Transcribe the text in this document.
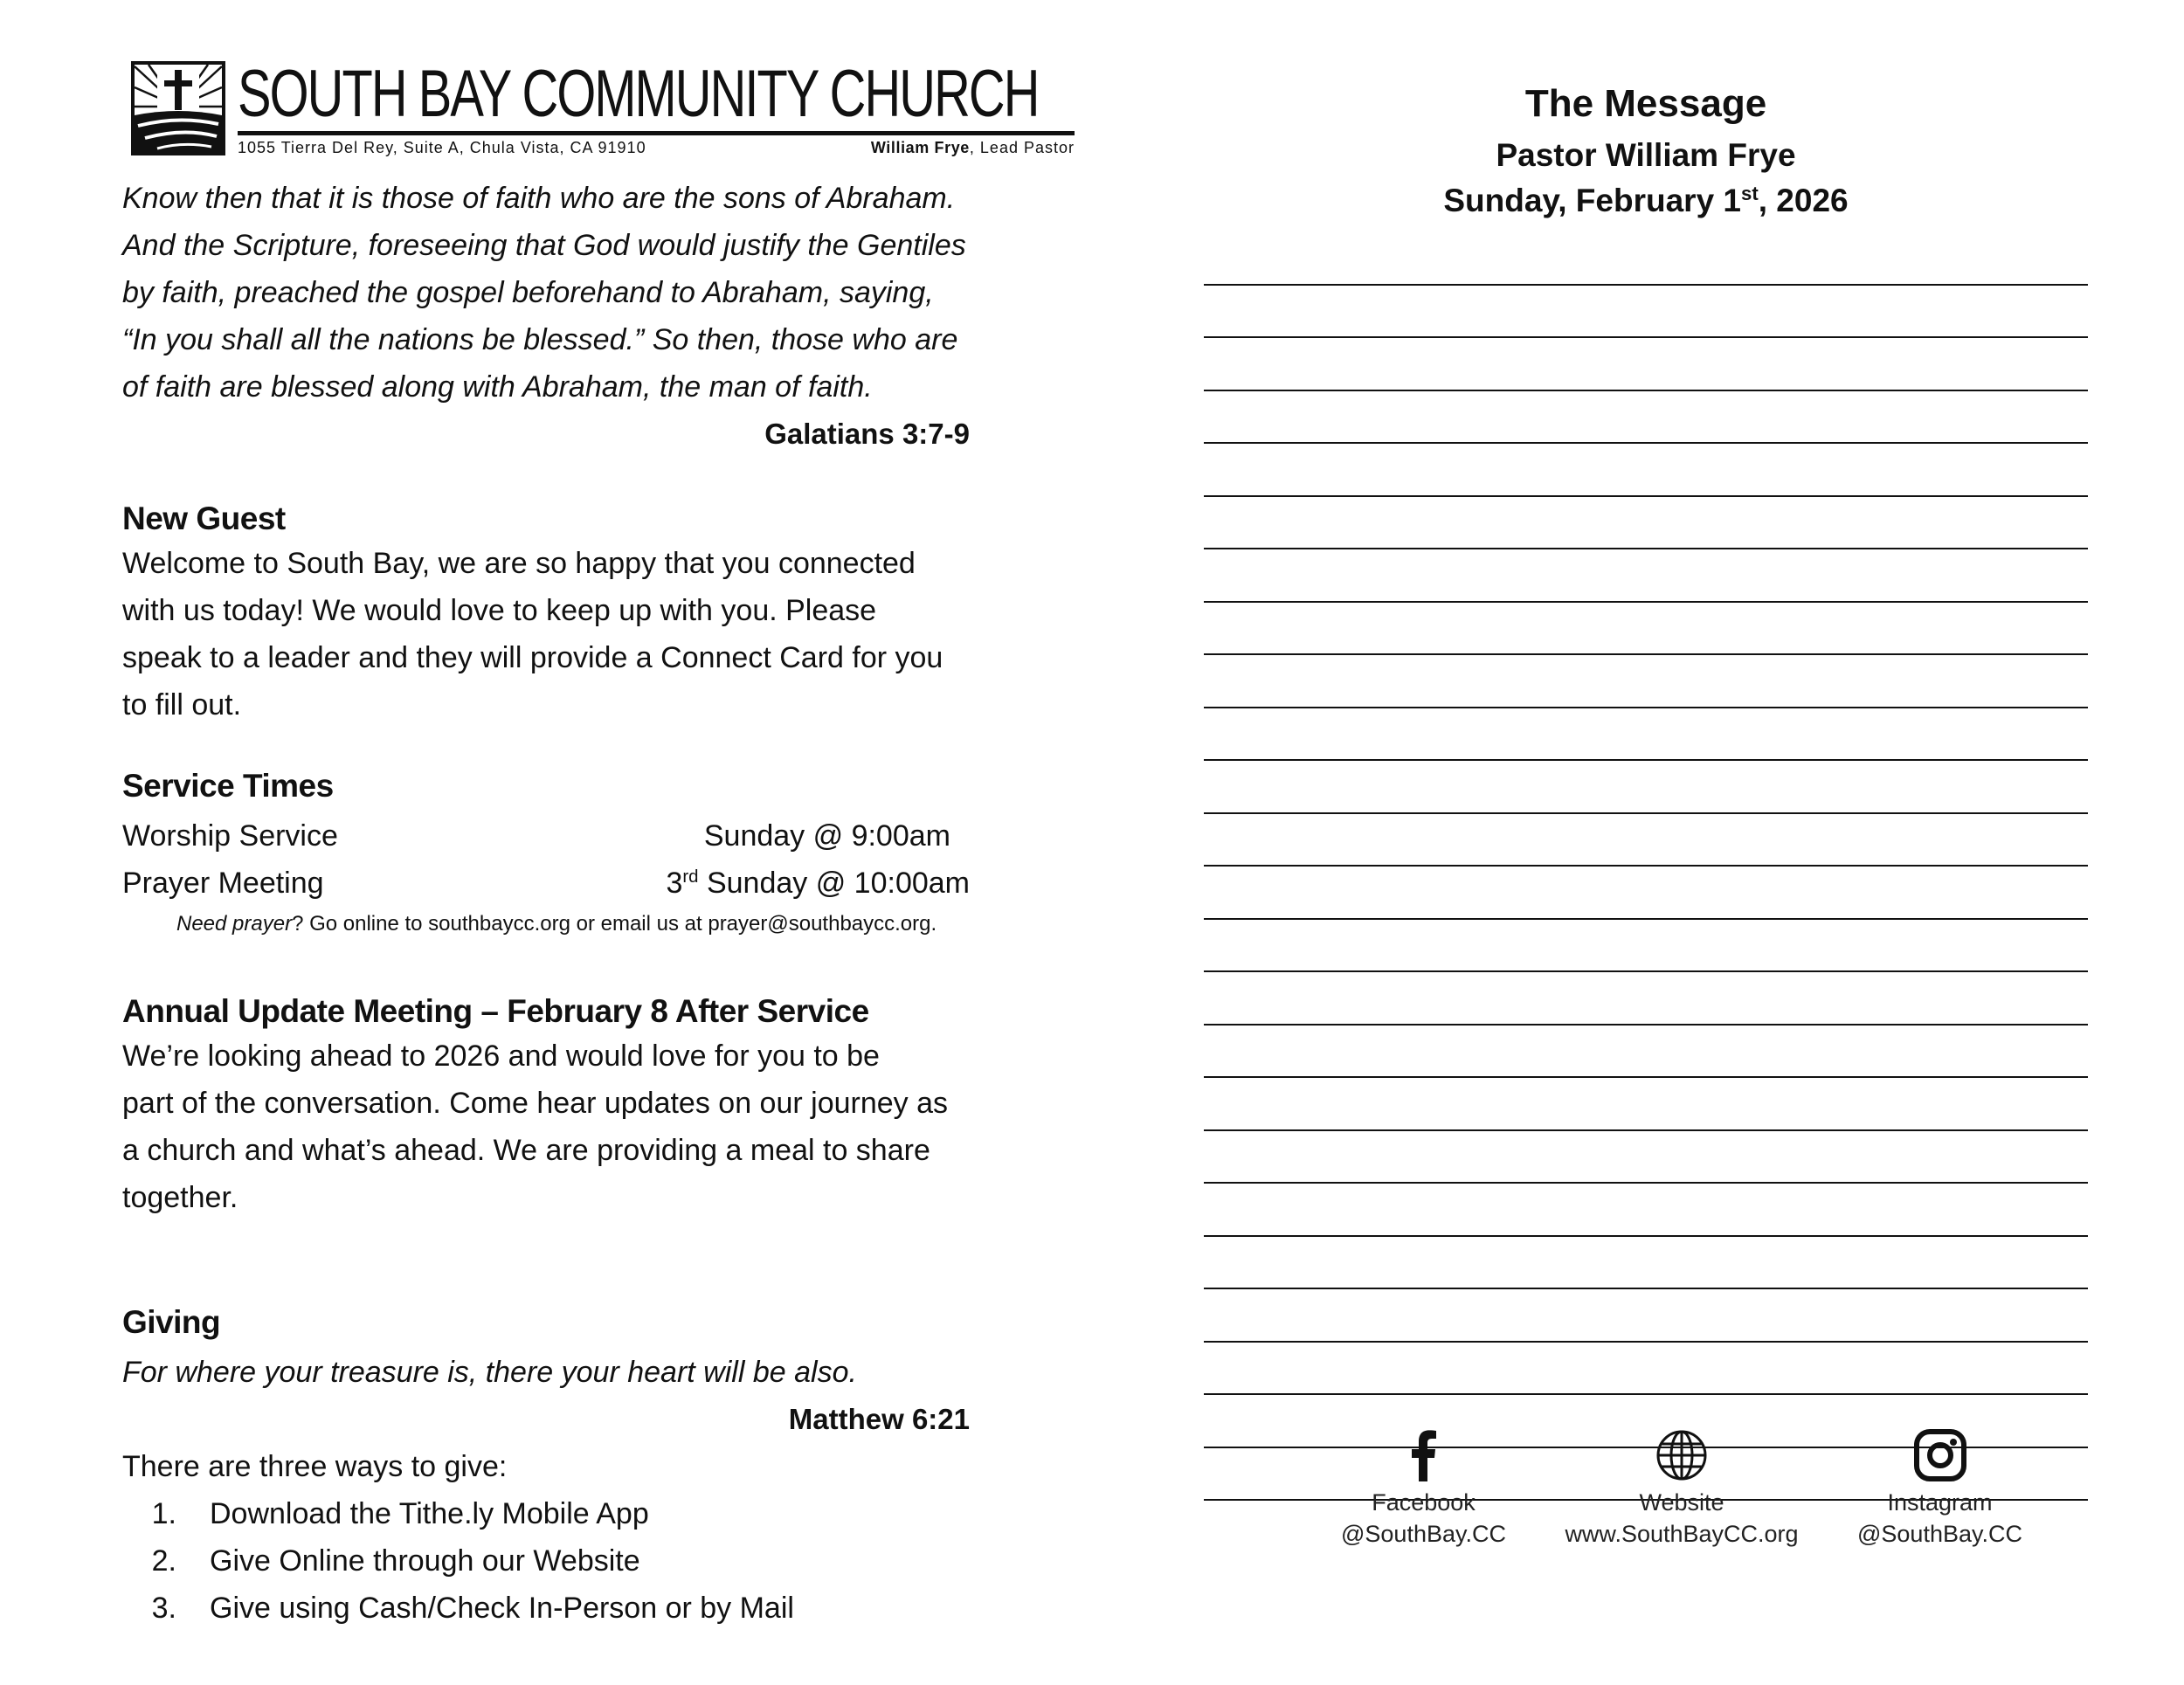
SOUTH BAY COMMUNITY CHURCH
1055 Tierra Del Rey, Suite A, Chula Vista, CA 91910	William Frye, Lead Pastor
Know then that it is those of faith who are the sons of Abraham.
And the Scripture, foreseeing that God would justify the Gentiles
by faith, preached the gospel beforehand to Abraham, saying,
“In you shall all the nations be blessed.” So then, those who are
of faith are blessed along with Abraham, the man of faith.
Galatians 3:7-9
New Guest
Welcome to South Bay, we are so happy that you connected
with us today! We would love to keep up with you. Please
speak to a leader and they will provide a Connect Card for you
to fill out.
Service Times
Worship Service	Sunday @ 9:00am
Prayer Meeting	3rd Sunday @ 10:00am
Need prayer? Go online to southbaycc.org or email us at prayer@southbaycc.org.
Annual Update Meeting – February 8 After Service
We’re looking ahead to 2026 and would love for you to be
part of the conversation. Come hear updates on our journey as
a church and what’s ahead. We are providing a meal to share
together.
Giving
For where your treasure is, there your heart will be also.
Matthew 6:21
There are three ways to give:
1. Download the Tithe.ly Mobile App
2. Give Online through our Website
3. Give using Cash/Check In-Person or by Mail
The Message
Pastor William Frye
Sunday, February 1st, 2026
Facebook
@SouthBay.CC
Website
www.SouthBayCC.org
Instagram
@SouthBay.CC
